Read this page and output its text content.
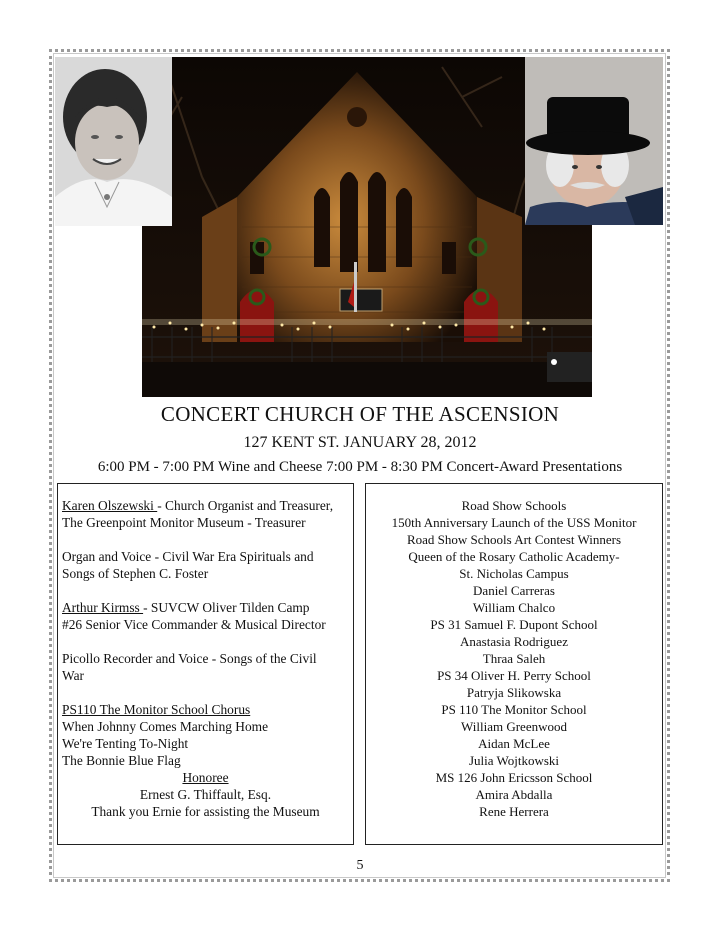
CONCERT CHURCH OF THE ASCENSION
127 KENT ST. JANUARY 28, 2012
6:00 PM - 7:00 PM Wine and Cheese 7:00 PM - 8:30 PM Concert-Award Presentations
Karen Olszewski - Church Organist and Treasurer,
The Greenpoint Monitor Museum - Treasurer
Organ and Voice - Civil War Era Spirituals and
Songs of Stephen C. Foster
Arthur Kirmss - SUVCW Oliver Tilden Camp
#26 Senior Vice Commander & Musical Director
Picollo Recorder and Voice - Songs of the Civil
War
PS110 The Monitor School Chorus
When Johnny Comes Marching Home
We're Tenting To-Night
The Bonnie Blue Flag
Honoree
Ernest G. Thiffault, Esq.
Thank you Ernie for assisting the Museum
Road Show Schools
150th Anniversary Launch of the USS Monitor
Road Show Schools Art Contest Winners
Queen of the Rosary Catholic Academy-
St. Nicholas Campus
Daniel Carreras
William Chalco
PS 31 Samuel F. Dupont School
Anastasia Rodriguez
Thraa Saleh
PS 34 Oliver H. Perry School
Patryja Slikowska
PS 110 The Monitor School
William Greenwood
Aidan McLee
Julia Wojtkowski
MS 126 John Ericsson School
Amira Abdalla
Rene Herrera
5
